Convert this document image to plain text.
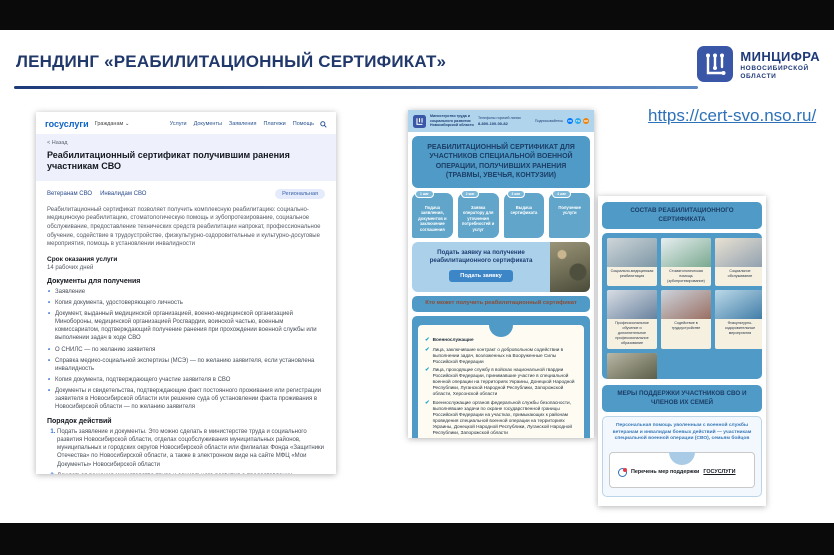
ЛЕНДИНГ «РЕАБИЛИТАЦИОННЫЙ СЕРТИФИКАТ»	МИНЦИФРА
НОВОСИБИРСКОЙ
ОБЛАСТИ
https://cert-svo.nso.ru/
госуслуги Гражданам ⌄	Услуги Документы Заявления Платежи Помощь
< Назад
Реабилитационный сертификат получившим ранения участникам СВО
Ветеранам СВО Инвалидам СВО	Региональная
Реабилитационный сертификат позволяет получить комплексную реабилитацию: социально-медицинскую реабилитацию, стоматологическую помощь и зубопротезирование, социальное обслуживание, предоставление технических средств реабилитации напрокат, профессиональное обучение, содействие в трудоустройстве, физкультурно-оздоровительные и культурно-досуговые мероприятия, помощь в установлении инвалидности
Срок оказания услуги
14 рабочих дней
Документы для получения
• Заявление
• Копия документа, удостоверяющего личность
• Документ, выданный медицинской организацией, военно-медицинской организацией Минобороны, медицинской организацией Росгвардии, воинской частью, военным комиссариатом, подтверждающий получение ранения при прохождении военной службы или выполнении задач в ходе СВО
• О СНИЛС — по желанию заявителя
• Справка медико-социальной экспертизы (МСЭ) — по желанию заявителя, если установлена инвалидность
• Копия документа, подтверждающего участие заявителя в СВО
• Документы и свидетельства, подтверждающие факт постоянного проживания или регистрации заявителя в Новосибирской области или решение суда об установлении факта проживания в Новосибирской области — по желанию заявителя
Порядок действий
1. Подать заявление и документы. Это можно сделать в министерстве труда и социального развития Новосибирской области, отделах соцобслуживания муниципальных районов, муниципальных и городских округов Новосибирской области или филиалах Фонда «Защитники Отечества» по Новосибирской области, а также в электронном виде на сайте МФЦ «Мои Документы» Новосибирской области
2.
Министерство труда и социального развития Новосибирской области
Телефоны горячей линии
8-800-100-00-82	Подписывайтесь	VK	TG	OK
РЕАБИЛИТАЦИОННЫЙ СЕРТИФИКАТ ДЛЯ УЧАСТНИКОВ СПЕЦИАЛЬНОЙ ВОЕННОЙ ОПЕРАЦИИ, ПОЛУЧИВШИХ РАНЕНИЯ (ТРАВМЫ, УВЕЧЬЯ, КОНТУЗИИ)
1 шаг
Подача заявления, документов и заключение соглашения
2 шаг
Заявка оператору для уточнения потребностей и услуг
3 шаг
Выдача сертификата
4 шаг
Получение услуги
Подать заявку на получение реабилитационного сертификата
Подать заявку
Кто может получить реабилитационный сертификат
✔ Военнослужащие
✔ Лица, заключившие контракт о добровольном содействии в выполнении задач, возложенных на Вооруженные Силы Российской Федерации
✔ Лица, проходящие службу в войсках национальной гвардии Российской Федерации, принимавшие участие в специальной военной операции на территориях Украины, Донецкой Народной Республики, Луганской Народной Республики, Запорожской области, Херсонской области
✔ Военнослужащие органов федеральной службы безопасности, выполнявшие задачи по охране государственной границы Российской Федерации на участках, примыкающих к районам проведения специальной военной операции на территориях Украины, Донецкой Народной Республики, Луганской Народной Республики, Запорожской области
СОСТАВ РЕАБИЛИТАЦИОННОГО СЕРТИФИКАТА
Социально-медицинская реабилитация
Стоматологическая помощь (зубопротезирование)
Социальное обслуживание
Профессиональное обучение и дополнительное профессиональное образование
Содействие в трудоустройстве
Физкультурно-оздоровительные мероприятия
МЕРЫ ПОДДЕРЖКИ УЧАСТНИКОВ СВО И ЧЛЕНОВ ИХ СЕМЕЙ
Персональная помощь уволенным с военной службы ветеранам и инвалидам боевых действий — участникам специальной военной операции (СВО), семьям бойцов
Перечень мер поддержки ГОСУСЛУГИ
